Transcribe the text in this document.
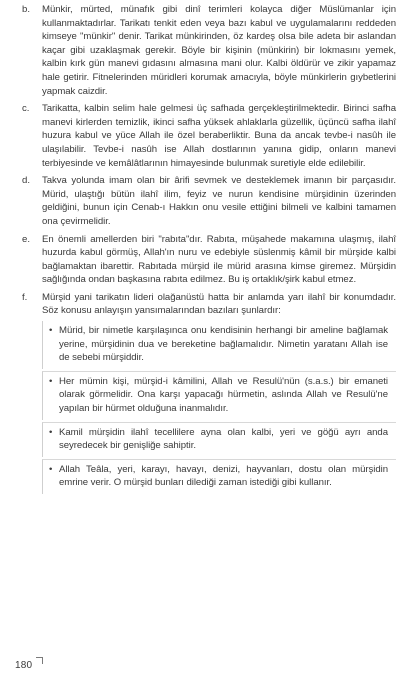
b. Münkir, mürted, münafık gibi dinî terimleri kolayca diğer Müslümanlar için kullanmaktadırlar. Tarikatı tenkit eden veya bazı kabul ve uygulamalarını reddeden kimseye "münkir" denir. Tarikat münkirinden, öz kardeş olsa bile adeta bir aslandan kaçar gibi uzaklaşmak gerekir. Böyle bir kişinin (münkirin) bir lokmasını yemek, kalbin kırk gün manevi gıdasını almasına mani olur. Kalbi öldürür ve zikir yapamaz hale getirir. Fitnelerinden müridleri korumak amacıyla, böyle münkirlerin gıybetlerini yapmak caizdir.
c. Tarikatta, kalbin selim hale gelmesi üç safhada gerçekleştirilmektedir. Birinci safha manevi kirlerden temizlik, ikinci safha yüksek ahlaklarla güzellik, üçüncü safha ilahî huzura kabul ve yüce Allah ile özel beraberliktir. Buna da ancak tevbe-i nasûh ile ulaşılabilir. Tevbe-i nasûh ise Allah dostlarının yanına gidip, onların manevi terbiyesinde ve kemâlâtlarının himayesinde bulunmak suretiyle elde edilebilir.
d. Takva yolunda imam olan bir ârifi sevmek ve desteklemek imanın bir parçasıdır. Mürid, ulaştığı bütün ilahî ilim, feyiz ve nurun kendisine mürşidinin üzerinden geldiğini, bunun için Cenab-ı Hakkın onu vesile ettiğini bilmeli ve kalbini tamamen ona çevirmelidir.
e. En önemli amellerden biri "rabıta"dır. Rabıta, müşahede makamına ulaşmış, ilahî huzurda kabul görmüş, Allah'ın nuru ve edebiyle süslenmiş kâmil bir mürşide kalbi bağlamaktan ibarettir. Rabıtada mürşid ile mürid arasına kimse giremez. Mürşidin sağlığında ondan başkasına rabıta edilmez. Bu iş ortaklık/şirk kabul etmez.
f. Mürşid yani tarikatın lideri olağanüstü hatta bir anlamda yarı ilahî bir konumdadır. Söz konusu anlayışın yansımalarından bazıları şunlardır:
• Mürid, bir nimetle karşılaşınca onu kendisinin herhangi bir ameline bağlamak yerine, mürşidinin dua ve bereketine bağlamalıdır. Nimetin yaratanı Allah ise de sebebi mürşiddir.
• Her mümin kişi, mürşid-i kâmilini, Allah ve Resulü'nün (s.a.s.) bir emaneti olarak görmelidir. Ona karşı yapacağı hürmetin, aslında Allah ve Resulü'ne yapılan bir hürmet olduğuna inanmalıdır.
• Kamil mürşidin ilahî tecellilere ayna olan kalbi, yeri ve göğü ayrı anda seyredecek bir genişliğe sahiptir.
• Allah Teâla, yeri, karayı, havayı, denizi, hayvanları, dostu olan mürşidin emrine verir. O mürşid bunları dilediği zaman istediği gibi kullanır.
180
